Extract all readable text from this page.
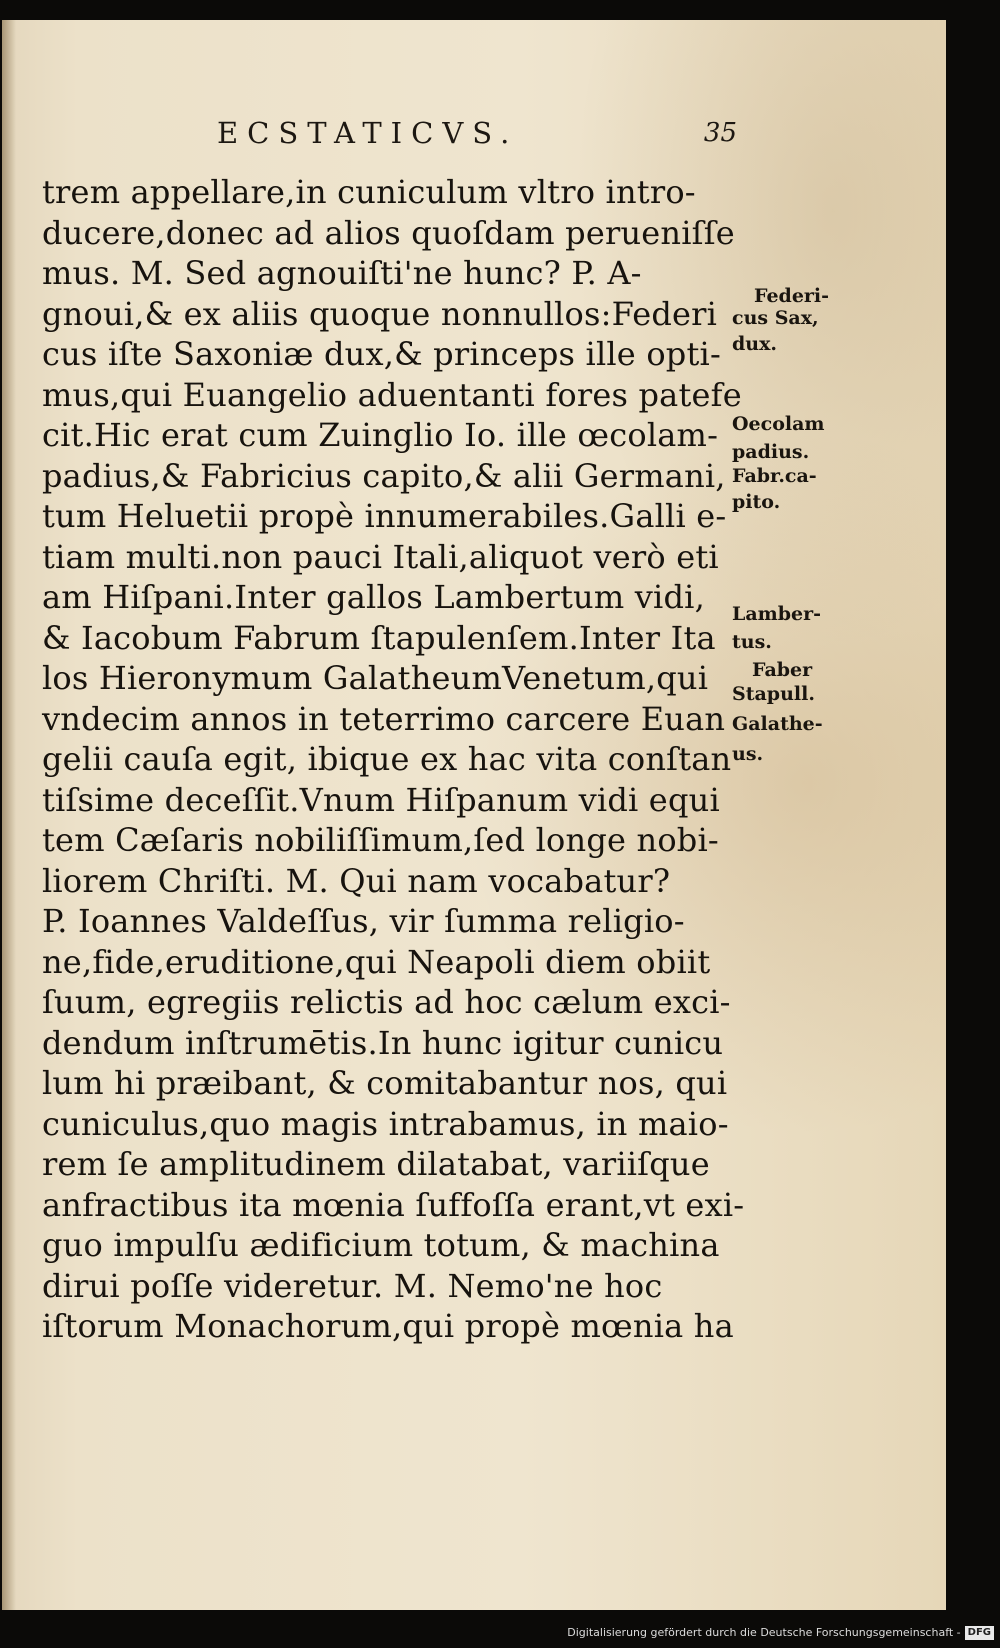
ECSTATICVS.	35
trem appellare,in cuniculum vltro intro-
ducere,donec ad alios quoſdam perueniſſe
mus. M. Sed agnouiſti'ne hunc? P. A-
gnoui,& ex aliis quoque nonnullos:Federi
cus iſte Saxoniæ dux,& princeps ille opti-
mus,qui Euangelio aduentanti fores patefe
cit.Hic erat cum Zuinglio Io. ille œcolam-
padius,& Fabricius capito,& alii Germani,
tum Heluetii propè innumerabiles.Galli e-
tiam multi.non pauci Itali,aliquot verò eti
am Hiſpani.Inter gallos Lambertum vidi,
& Iacobum Fabrum ſtapulenſem.Inter Ita
los Hieronymum GalatheumVenetum,qui
vndecim annos in teterrimo carcere Euan
gelii cauſa egit, ibique ex hac vita conſtan
tiſsime deceſſit.Vnum Hiſpanum vidi equi
tem Cæſaris nobiliſſimum,ſed longe nobi-
liorem Chriſti. M. Qui nam vocabatur?
P. Ioannes Valdeſſus, vir ſumma religio-
ne,fide,eruditione,qui Neapoli diem obiit
ſuum, egregiis relictis ad hoc cælum exci-
dendum inſtrumētis.In hunc igitur cunicu
lum hi præibant, & comitabantur nos, qui
cuniculus,quo magis intrabamus, in maio-
rem ſe amplitudinem dilatabat, variiſque
anfractibus ita mœnia ſuffoſſa erant,vt exi-
guo impulſu ædificium totum, & machina
dirui poſſe videretur. M. Nemo'ne hoc
iſtorum Monachorum,qui propè mœnia ha
Federi-
cus Sax,
dux.
Oecolam
padius.
Fabr.ca-
pito.
Lamber-
tus.
Faber
Stapull.
Galathe-
us.
Digitalisierung gefördert durch die Deutsche Forschungsgemeinschaft - DFG
